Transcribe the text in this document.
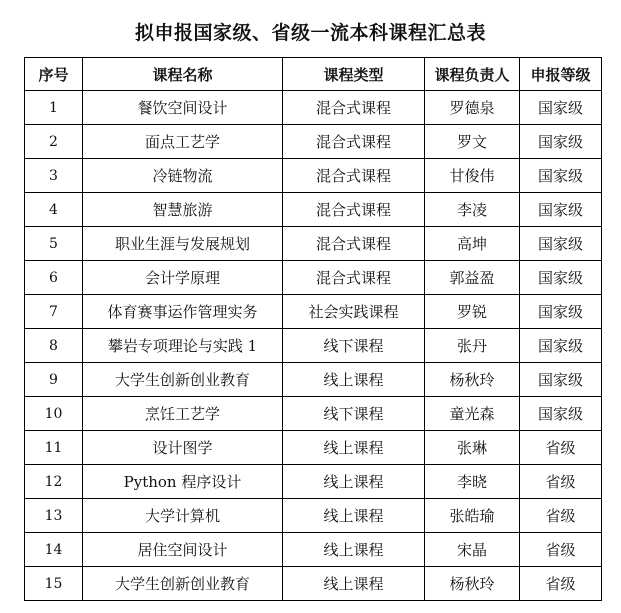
拟申报国家级、省级一流本科课程汇总表
序号	课程名称	课程类型	课程负责人	申报等级
1	餐饮空间设计	混合式课程	罗德泉	国家级
2	面点工艺学	混合式课程	罗文	国家级
3	冷链物流	混合式课程	甘俊伟	国家级
4	智慧旅游	混合式课程	李凌	国家级
5	职业生涯与发展规划	混合式课程	高坤	国家级
6	会计学原理	混合式课程	郭益盈	国家级
7	体育赛事运作管理实务	社会实践课程	罗锐	国家级
8	攀岩专项理论与实践 1	线下课程	张丹	国家级
9	大学生创新创业教育	线上课程	杨秋玲	国家级
10	烹饪工艺学	线下课程	童光森	国家级
11	设计图学	线上课程	张琳	省级
12	Python 程序设计	线上课程	李晓	省级
13	大学计算机	线上课程	张皓瑜	省级
14	居住空间设计	线上课程	宋晶	省级
15	大学生创新创业教育	线上课程	杨秋玲	省级
